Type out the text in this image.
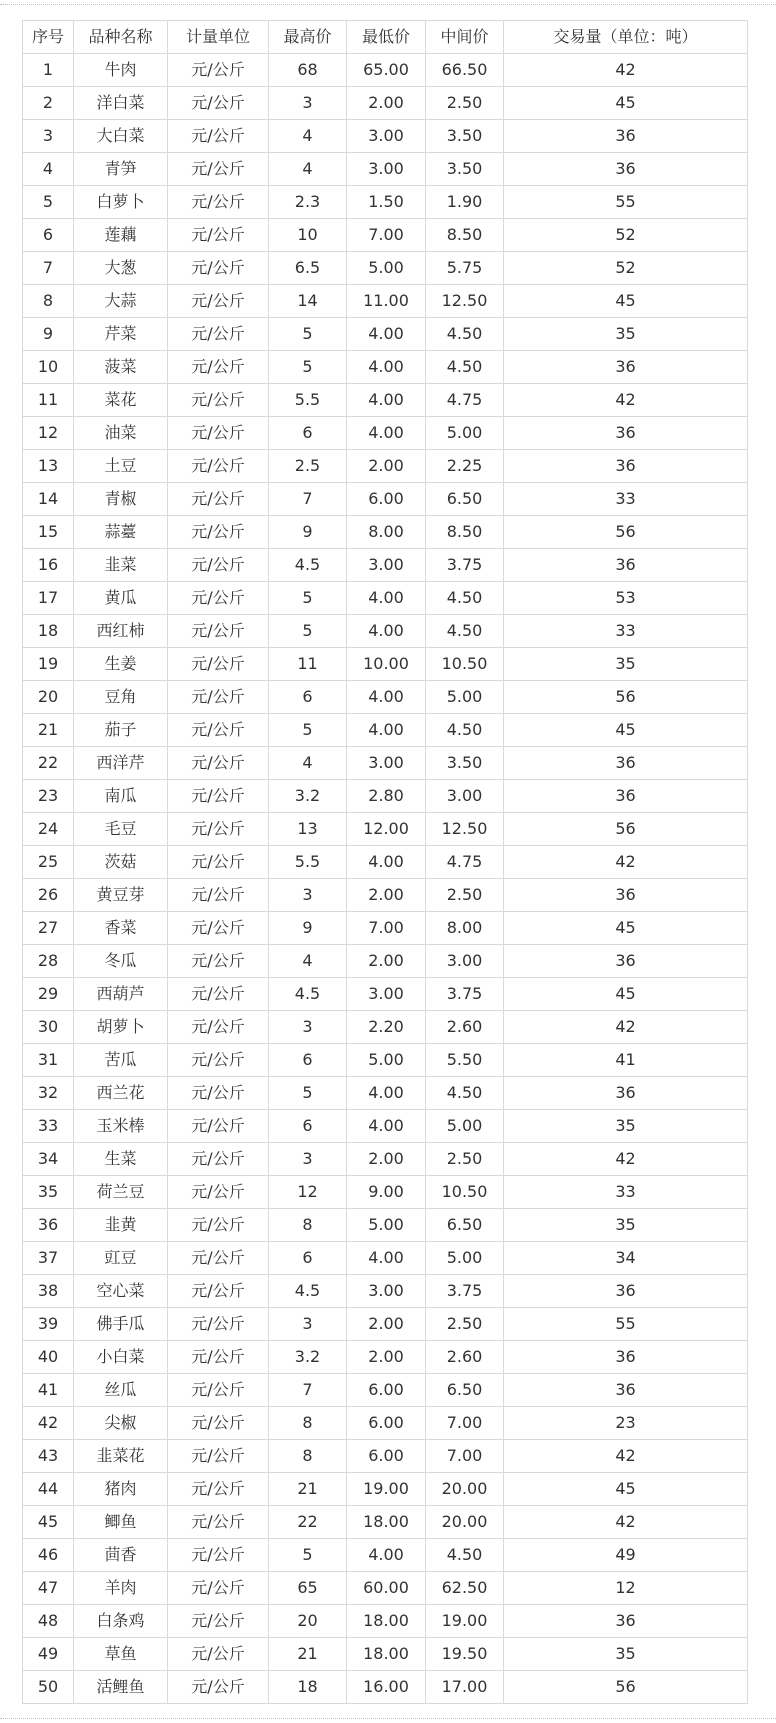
序号	品种名称	计量单位	最高价	最低价	中间价	交易量（单位：吨）
1	牛肉	元/公斤	68	65.00	66.50	42
2	洋白菜	元/公斤	3	2.00	2.50	45
3	大白菜	元/公斤	4	3.00	3.50	36
4	青笋	元/公斤	4	3.00	3.50	36
5	白萝卜	元/公斤	2.3	1.50	1.90	55
6	莲藕	元/公斤	10	7.00	8.50	52
7	大葱	元/公斤	6.5	5.00	5.75	52
8	大蒜	元/公斤	14	11.00	12.50	45
9	芹菜	元/公斤	5	4.00	4.50	35
10	菠菜	元/公斤	5	4.00	4.50	36
11	菜花	元/公斤	5.5	4.00	4.75	42
12	油菜	元/公斤	6	4.00	5.00	36
13	土豆	元/公斤	2.5	2.00	2.25	36
14	青椒	元/公斤	7	6.00	6.50	33
15	蒜薹	元/公斤	9	8.00	8.50	56
16	韭菜	元/公斤	4.5	3.00	3.75	36
17	黄瓜	元/公斤	5	4.00	4.50	53
18	西红柿	元/公斤	5	4.00	4.50	33
19	生姜	元/公斤	11	10.00	10.50	35
20	豆角	元/公斤	6	4.00	5.00	56
21	茄子	元/公斤	5	4.00	4.50	45
22	西洋芹	元/公斤	4	3.00	3.50	36
23	南瓜	元/公斤	3.2	2.80	3.00	36
24	毛豆	元/公斤	13	12.00	12.50	56
25	茨菇	元/公斤	5.5	4.00	4.75	42
26	黄豆芽	元/公斤	3	2.00	2.50	36
27	香菜	元/公斤	9	7.00	8.00	45
28	冬瓜	元/公斤	4	2.00	3.00	36
29	西葫芦	元/公斤	4.5	3.00	3.75	45
30	胡萝卜	元/公斤	3	2.20	2.60	42
31	苦瓜	元/公斤	6	5.00	5.50	41
32	西兰花	元/公斤	5	4.00	4.50	36
33	玉米棒	元/公斤	6	4.00	5.00	35
34	生菜	元/公斤	3	2.00	2.50	42
35	荷兰豆	元/公斤	12	9.00	10.50	33
36	韭黄	元/公斤	8	5.00	6.50	35
37	豇豆	元/公斤	6	4.00	5.00	34
38	空心菜	元/公斤	4.5	3.00	3.75	36
39	佛手瓜	元/公斤	3	2.00	2.50	55
40	小白菜	元/公斤	3.2	2.00	2.60	36
41	丝瓜	元/公斤	7	6.00	6.50	36
42	尖椒	元/公斤	8	6.00	7.00	23
43	韭菜花	元/公斤	8	6.00	7.00	42
44	猪肉	元/公斤	21	19.00	20.00	45
45	鲫鱼	元/公斤	22	18.00	20.00	42
46	茴香	元/公斤	5	4.00	4.50	49
47	羊肉	元/公斤	65	60.00	62.50	12
48	白条鸡	元/公斤	20	18.00	19.00	36
49	草鱼	元/公斤	21	18.00	19.50	35
50	活鲤鱼	元/公斤	18	16.00	17.00	56
